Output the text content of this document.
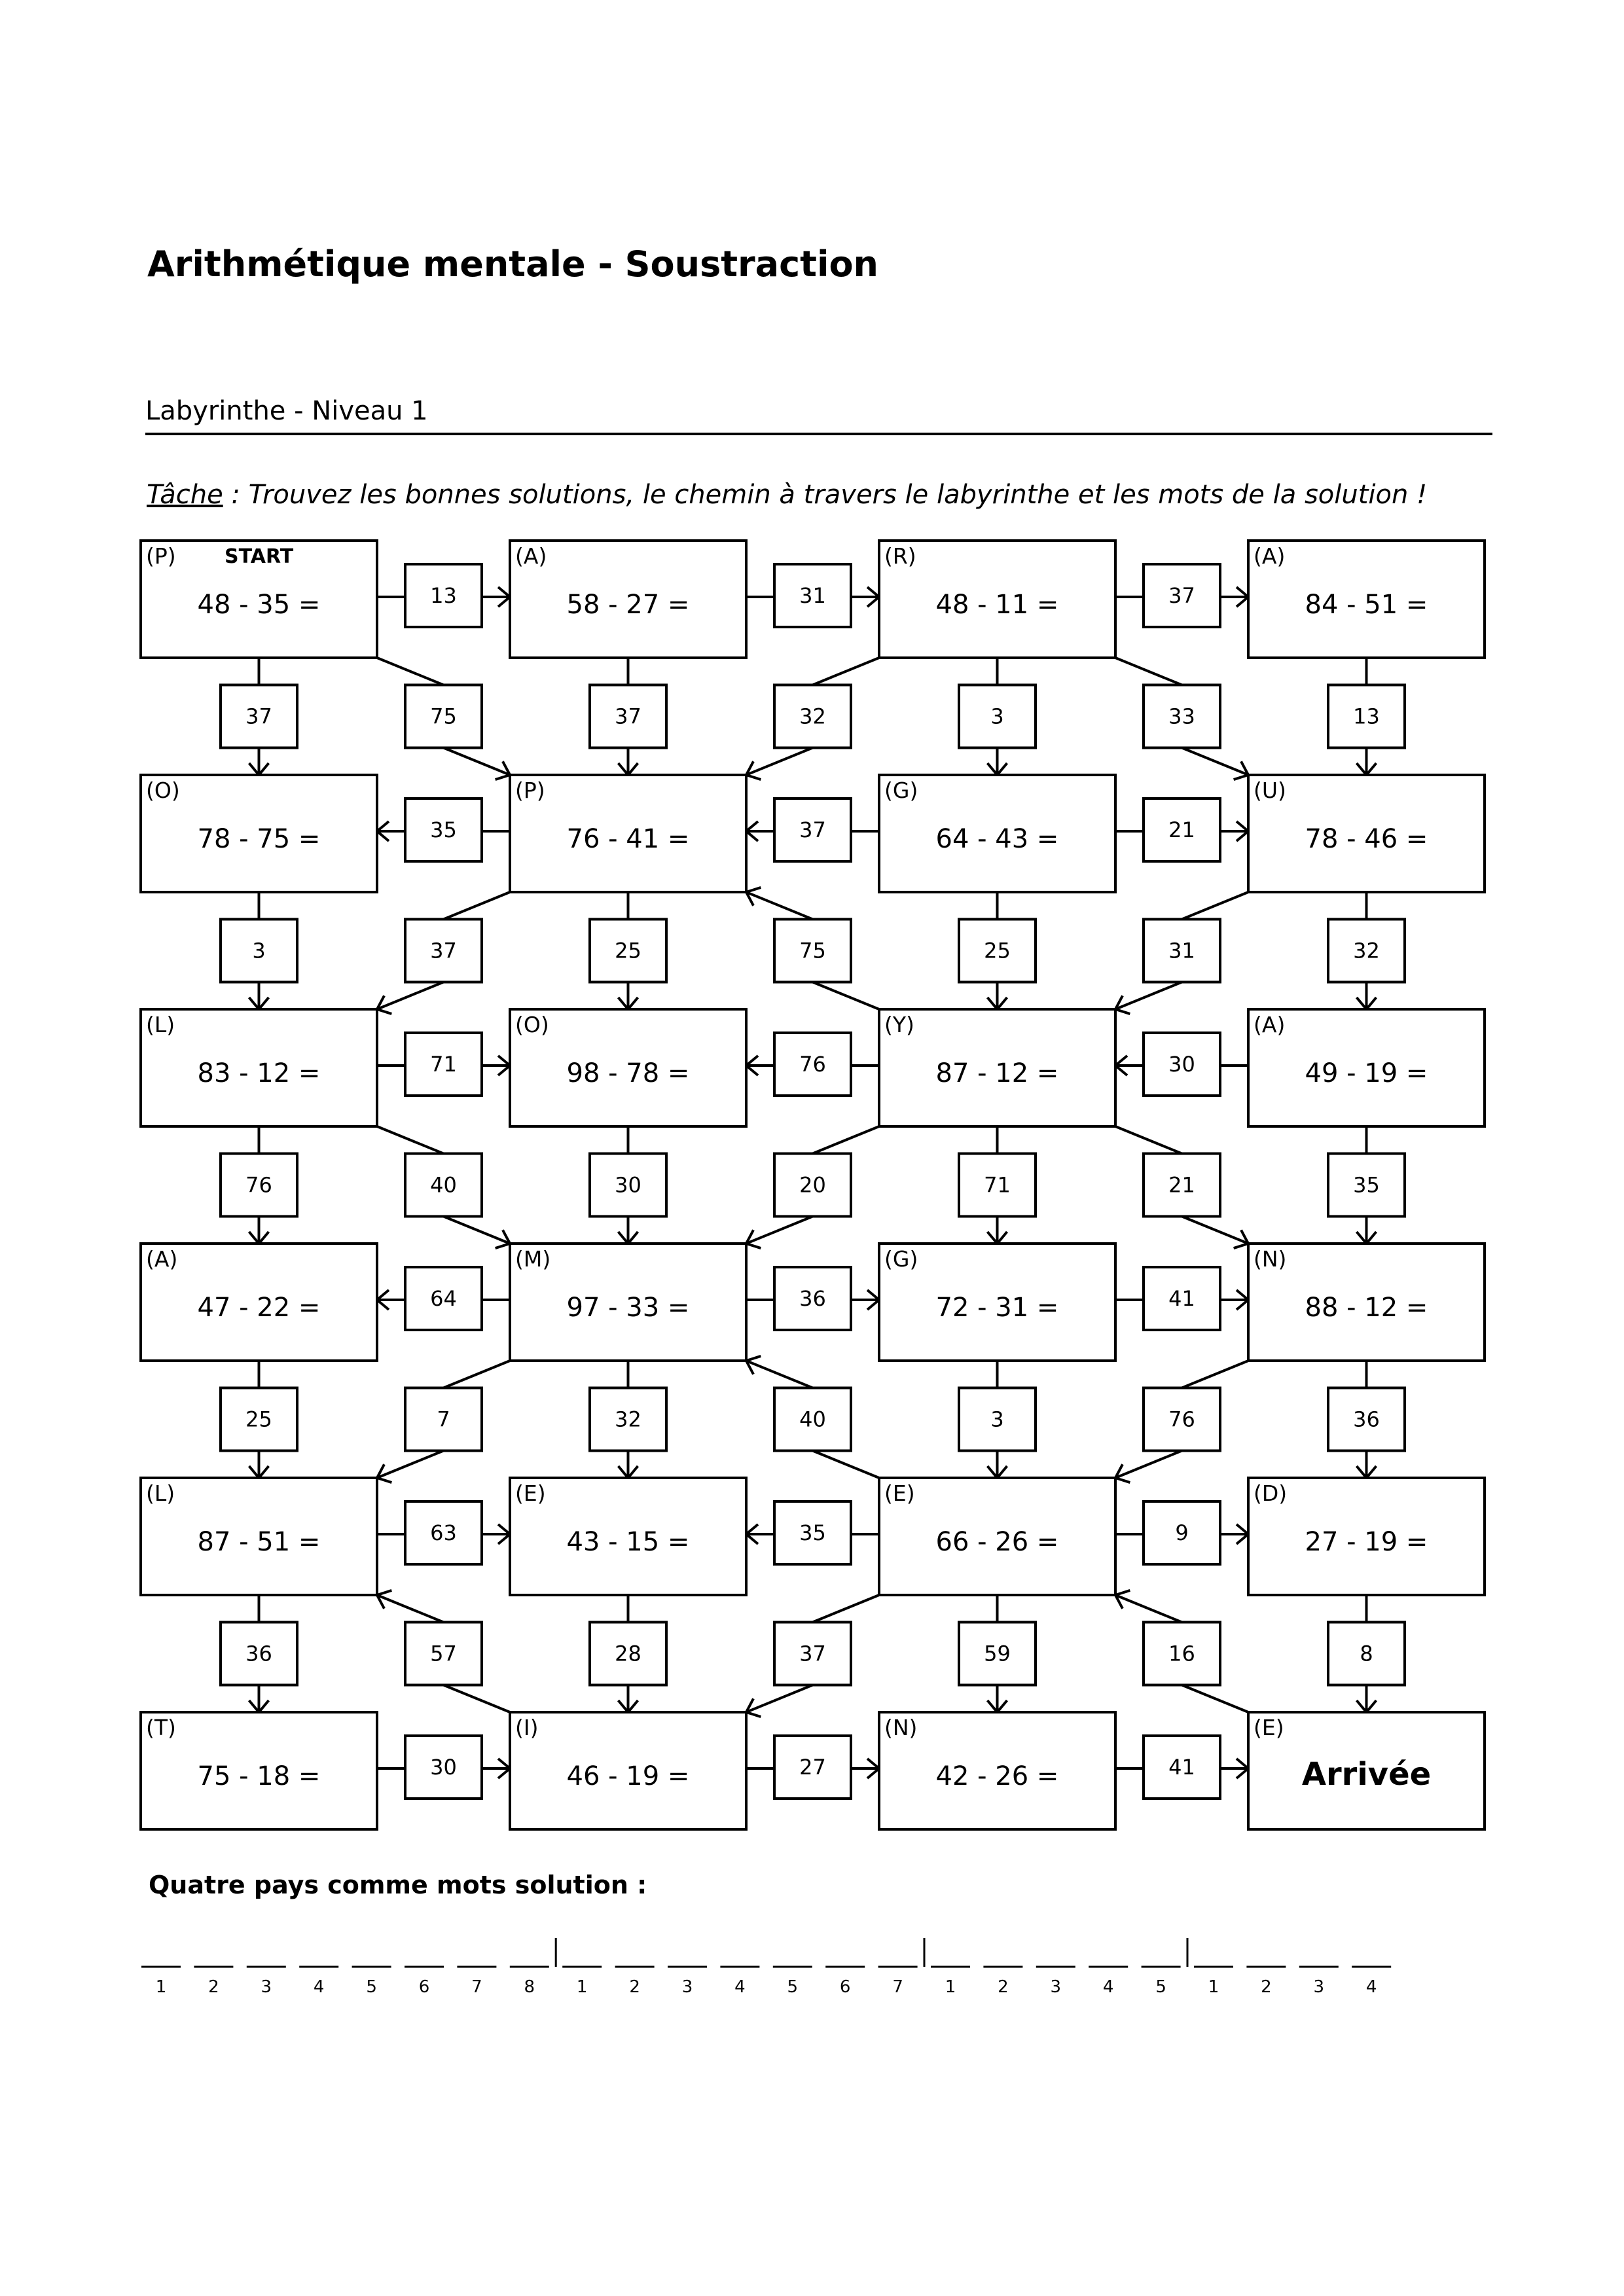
Arithmétique mentale - Soustraction
Labyrinthe - Niveau 1
Tâche : Trouvez les bonnes solutions, le chemin à travers le labyrinthe et les mots de la solution !
13	31	37
35	37	21
71	76	30
64	36	41
63	35	9
30	27	41
37	37	3	13
3	25	25	32
76	30	71	35
25	32	3	36
36	28	59	8
75	32	33
37	75	31
40	20	21
7	40	76
57	37	16
(P)
48 - 35 =
START	(A)
58 - 27 =
(R)
48 - 11 =
(A)
84 - 51 =
(O)
78 - 75 =
(P)
76 - 41 =
(G)
64 - 43 =
(U)
78 - 46 =
(L)
83 - 12 =
(O)
98 - 78 =
(Y)
87 - 12 =
(A)
49 - 19 =
(A)
47 - 22 =
(M)
97 - 33 =
(G)
72 - 31 =
(N)
88 - 12 =
(L)
87 - 51 =
(E)
43 - 15 =
(E)
66 - 26 =
(D)
27 - 19 =
(T)
75 - 18 =
(I)
46 - 19 =
(N)
42 - 26 =
(E)
Arrivée
Quatre pays comme mots solution :
1 2 3 4 5 6 7 8 1 2 3 4 5 6 7 1 2 3 4 5 1 2 3 4
